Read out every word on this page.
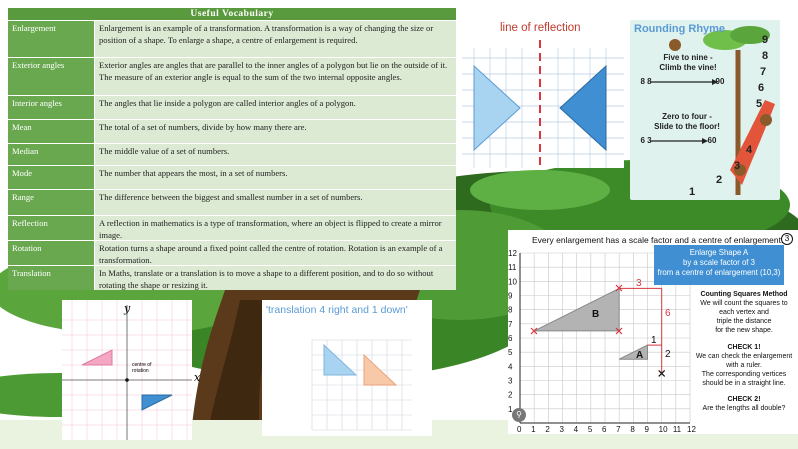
Useful Vocabulary
Enlargement	Enlargement is an example of a transformation. A transformation is a way of changing the size or position of a shape. To enlarge a shape, a centre of enlargement is required.
Exterior angles	Exterior angles are angles that are parallel to the inner angles of a polygon but lie on the outside of it. The measure of an exterior angle is equal to the sum of the two internal opposite angles.
Interior angles	The angles that lie inside a polygon are called interior angles of a polygon.
Mean	The total of a set of numbers, divide by how many there are.
Median	The middle value of a set of numbers.
Mode	The number that appears the most, in a set of numbers.
Range	The difference between the biggest and smallest number in a set of numbers.
Reflection	A reflection in mathematics is a type of transformation, where an object is flipped to create a mirror image.
Rotation	Rotation turns a shape around a fixed point called the centre of rotation. Rotation is an example of a transformation.
Translation	In Maths, translate or a translation is to move a shape to a different position, and to do so without rotating the shape or resizing it.
line of reflection	Rounding Rhyme
Five to nine -
Climb the vine!
8 8	90
Zero to four -
Slide to the floor!
6 3	60
9
8
7
6
5
4
3
2
1
0 1 2 3 4 5 6 7 8 9 10 11 12
1
2
3
4
5
6
7
8
9
10
11
12
B
A
3
6
1
2
Every enlargement has a scale factor and a centre of enlargement. 3
Enlarge Shape A
by a scale factor of 3
from a centre of enlargement (10,3)
Counting Squares Method
We will count the squares to
each vertex and
triple the distance
for the new shape.
CHECK 1!
We can check the enlargement
with a ruler.
The corresponding vertices
should be in a straight line.
CHECK 2!
Are the lengths all double?
y
x
centre of rotation
'translation 4 right and 1 down'
⚲
